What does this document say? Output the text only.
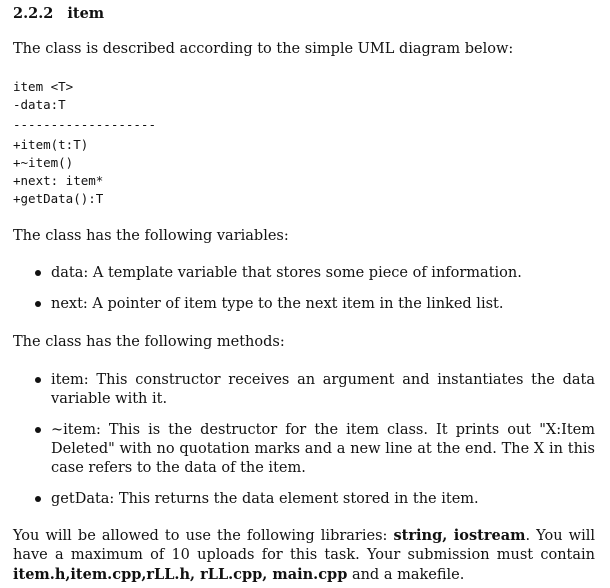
2.2.2 item
The class is described according to the simple UML diagram below:
item <T>
-data:T
-------------------
+item(t:T)
+~item()
+next: item*
+getData():T
The class has the following variables:
data: A template variable that stores some piece of information.
next: A pointer of item type to the next item in the linked list.
The class has the following methods:
item: This constructor receives an argument and instantiates the data variable with it.
~item: This is the destructor for the item class. It prints out "X:Item Deleted" with no quotation marks and a new line at the end. The X in this case refers to the data of the item.
getData: This returns the data element stored in the item.
You will be allowed to use the following libraries: string, iostream. You will have a maximum of 10 uploads for this task. Your submission must contain item.h,item.cpp,rLL.h, rLL.cpp, main.cpp and a makefile.
